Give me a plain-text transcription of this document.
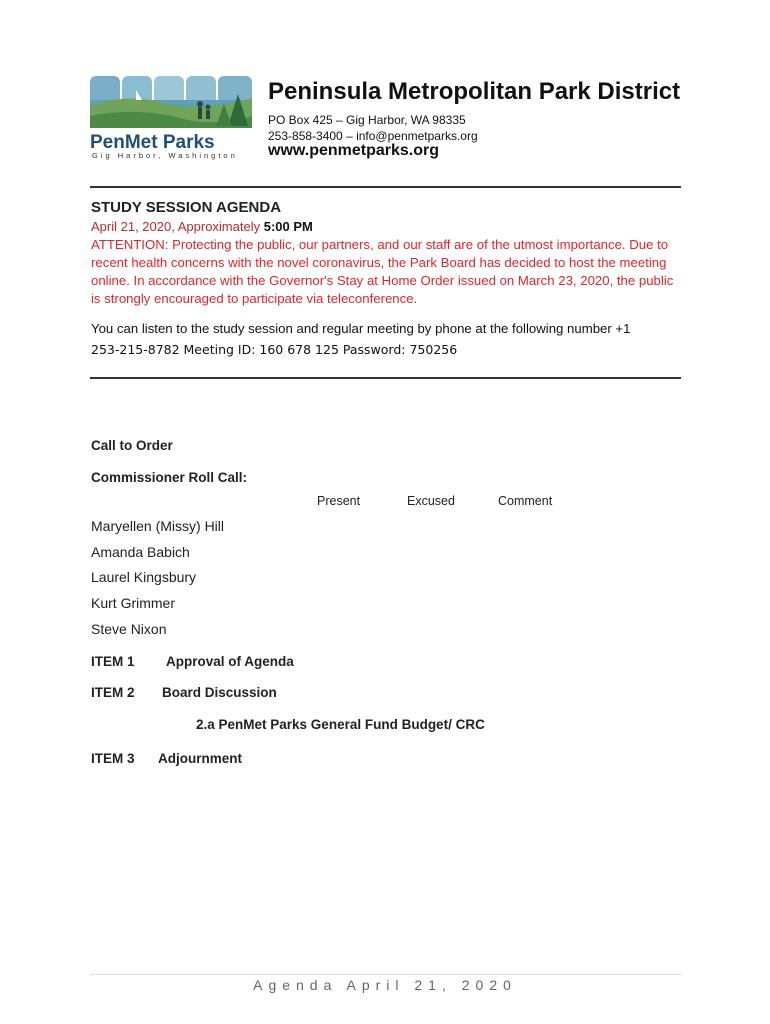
PenMet Parks
Gig Harbor, Washington
Peninsula Metropolitan Park District
PO Box 425 – Gig Harbor, WA 98335
253-858-3400 – info@penmetparks.org
www.penmetparks.org
STUDY SESSION AGENDA
April 21, 2020, Approximately 5:00 PM
ATTENTION: Protecting the public, our partners, and our staff are of the utmost importance. Due to recent health concerns with the novel coronavirus, the Park Board has decided to host the meeting online. In accordance with the Governor's Stay at Home Order issued on March 23, 2020, the public is strongly encouraged to participate via teleconference.
You can listen to the study session and regular meeting by phone at the following number +1
253-215-8782 Meeting ID: 160 678 125 Password: 750256
Call to Order
Commissioner Roll Call:
Present	Excused	Comment
Maryellen (Missy) Hill
Amanda Babich
Laurel Kingsbury
Kurt Grimmer
Steve Nixon
ITEM 1 Approval of Agenda
ITEM 2 Board Discussion
2.a PenMet Parks General Fund Budget/ CRC
ITEM 3 Adjournment
Agenda April 21, 2020
